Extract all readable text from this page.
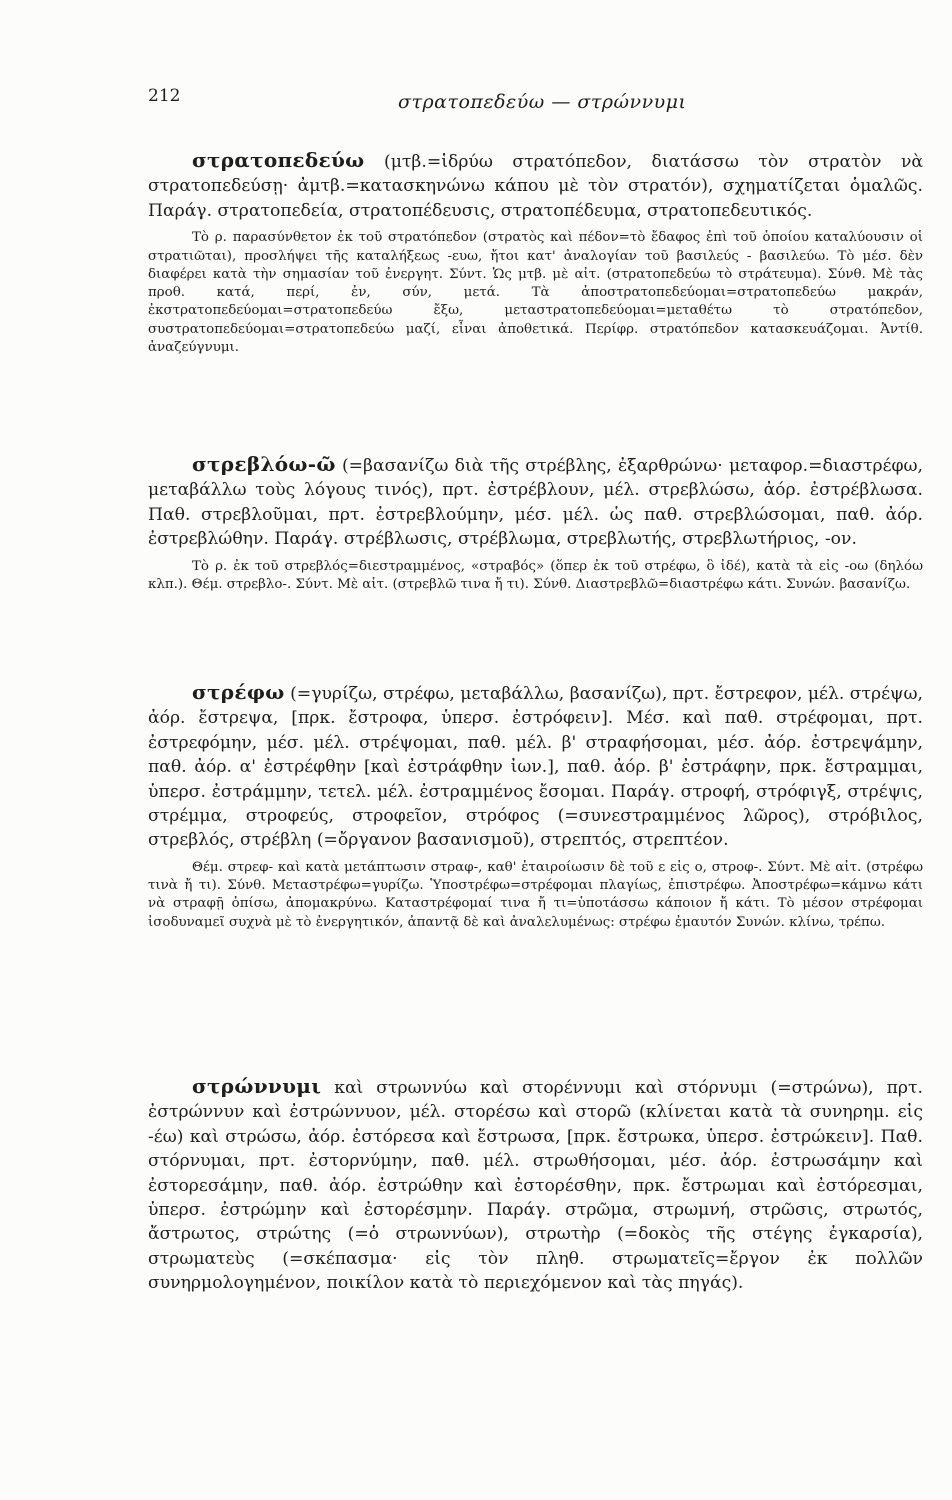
212	στρατοπεδεύω — στρώννυμι

στρατοπεδεύω (μτβ.=ἱδρύω στρατόπεδον, διατάσσω τὸν στρατὸν νὰ στρατοπεδεύσῃ· ἀμτβ.=κατασκηνώνω κάπου μὲ τὸν στρατόν), σχηματίζεται ὁμαλῶς. Παράγ. στρατοπεδεία, στρατοπέδευσις, στρατοπέδευμα, στρατοπεδευτικός.

Τὸ ρ. παρασύνθετον ἐκ τοῦ στρατόπεδον (στρατὸς καὶ πέδον=τὸ ἔδαφος ἐπὶ τοῦ ὁποίου καταλύουσιν οἱ στρατιῶται), προσλήψει τῆς καταλήξεως -ευω, ἤτοι κατ' ἀναλογίαν τοῦ βασιλεύς - βασιλεύω. Τὸ μέσ. δὲν διαφέρει κατὰ τὴν σημασίαν τοῦ ἐνεργητ. Σύντ. Ὡς μτβ. μὲ αἰτ. (στρατοπεδεύω τὸ στράτευμα). Σύνθ. Μὲ τὰς προθ. κατά, περί, ἐν, σύν, μετά. Τὰ ἀποστρατοπεδεύομαι=στρατοπεδεύω μακράν, ἐκστρατοπεδεύομαι=στρατοπεδεύω ἔξω, μεταστρατοπεδεύομαι=μεταθέτω τὸ στρατόπεδον, συστρατοπεδεύομαι=στρατοπεδεύω μαζί, εἶναι ἀποθετικά. Περίφρ. στρατόπεδον κατασκευάζομαι. Ἀντίθ. ἀναζεύγνυμι.

στρεβλόω-ῶ (=βασανίζω διὰ τῆς στρέβλης, ἐξαρθρώνω· μεταφορ.=διαστρέφω, μεταβάλλω τοὺς λόγους τινός), πρτ. ἐστρέβλουν, μέλ. στρεβλώσω, ἀόρ. ἐστρέβλωσα. Παθ. στρεβλοῦμαι, πρτ. ἐστρεβλούμην, μέσ. μέλ. ὡς παθ. στρεβλώσομαι, παθ. ἀόρ. ἐστρεβλώθην. Παράγ. στρέβλωσις, στρέβλωμα, στρεβλωτής, στρεβλωτήριος, -ον.

Τὸ ρ. ἐκ τοῦ στρεβλός=διεστραμμένος, «στραβός» (ὅπερ ἐκ τοῦ στρέφω, ὃ ἰδέ), κατὰ τὰ εἰς -οω (δηλόω κλπ.). Θέμ. στρεβλο-. Σύντ. Μὲ αἰτ. (στρεβλῶ τινα ἤ τι). Σύνθ. Διαστρεβλῶ=διαστρέφω κάτι. Συνών. βασανίζω.

στρέφω (=γυρίζω, στρέφω, μεταβάλλω, βασανίζω), πρτ. ἔστρεφον, μέλ. στρέψω, ἀόρ. ἔστρεψα, [πρκ. ἔστροφα, ὑπερσ. ἐστρόφειν]. Μέσ. καὶ παθ. στρέφομαι, πρτ. ἐστρεφόμην, μέσ. μέλ. στρέψομαι, παθ. μέλ. β' στραφήσομαι, μέσ. ἀόρ. ἐστρεψάμην, παθ. ἀόρ. α' ἐστρέφθην [καὶ ἐστράφθην ἰων.], παθ. ἀόρ. β' ἐστράφην, πρκ. ἔστραμμαι, ὑπερσ. ἐστράμμην, τετελ. μέλ. ἐστραμμένος ἔσομαι. Παράγ. στροφή, στρόφιγξ, στρέψις, στρέμμα, στροφεύς, στροφεῖον, στρόφος (=συνεστραμμένος λῶρος), στρόβιλος, στρεβλός, στρέβλη (=ὄργανον βασανισμοῦ), στρεπτός, στρεπτέον.

Θέμ. στρεφ- καὶ κατὰ μετάπτωσιν στραφ-, καθ' ἑταιροίωσιν δὲ τοῦ ε εἰς ο, στροφ-. Σύντ. Μὲ αἰτ. (στρέφω τινὰ ἤ τι). Σύνθ. Μεταστρέφω=γυρίζω. Ὑποστρέφω=στρέφομαι πλαγίως, ἐπιστρέφω. Ἀποστρέφω=κάμνω κάτι νὰ στραφῇ ὀπίσω, ἀπομακρύνω. Καταστρέφομαί τινα ἤ τι=ὑποτάσσω κάποιον ἤ κάτι. Τὸ μέσον στρέφομαι ἰσοδυναμεῖ συχνὰ μὲ τὸ ἐνεργητικόν, ἀπαντᾷ δὲ καὶ ἀναλελυμένως: στρέφω ἐμαυτόν Συνών. κλίνω, τρέπω.

στρώννυμι καὶ στρωννύω καὶ στορέννυμι καὶ στόρνυμι (=στρώνω), πρτ. ἐστρώννυν καὶ ἐστρώννυον, μέλ. στορέσω καὶ στορῶ (κλίνεται κατὰ τὰ συνηρημ. εἰς -έω) καὶ στρώσω, ἀόρ. ἐστόρεσα καὶ ἔστρωσα, [πρκ. ἔστρωκα, ὑπερσ. ἐστρώκειν]. Παθ. στόρνυμαι, πρτ. ἐστορνύμην, παθ. μέλ. στρωθήσομαι, μέσ. ἀόρ. ἐστρωσάμην καὶ ἐστορεσάμην, παθ. ἀόρ. ἐστρώθην καὶ ἐστορέσθην, πρκ. ἔστρωμαι καὶ ἐστόρεσμαι, ὑπερσ. ἐστρώμην καὶ ἐστορέσμην. Παράγ. στρῶμα, στρωμνή, στρῶσις, στρωτός, ἄστρωτος, στρώτης (=ὁ στρωννύων), στρωτὴρ (=δοκὸς τῆς στέγης ἐγκαρσία), στρωματεὺς (=σκέπασμα· εἰς τὸν πληθ. στρωματεῖς=ἔργον ἐκ πολλῶν συνηρμολογημένον, ποικίλον κατὰ τὸ περιεχόμενον καὶ τὰς πηγάς).
